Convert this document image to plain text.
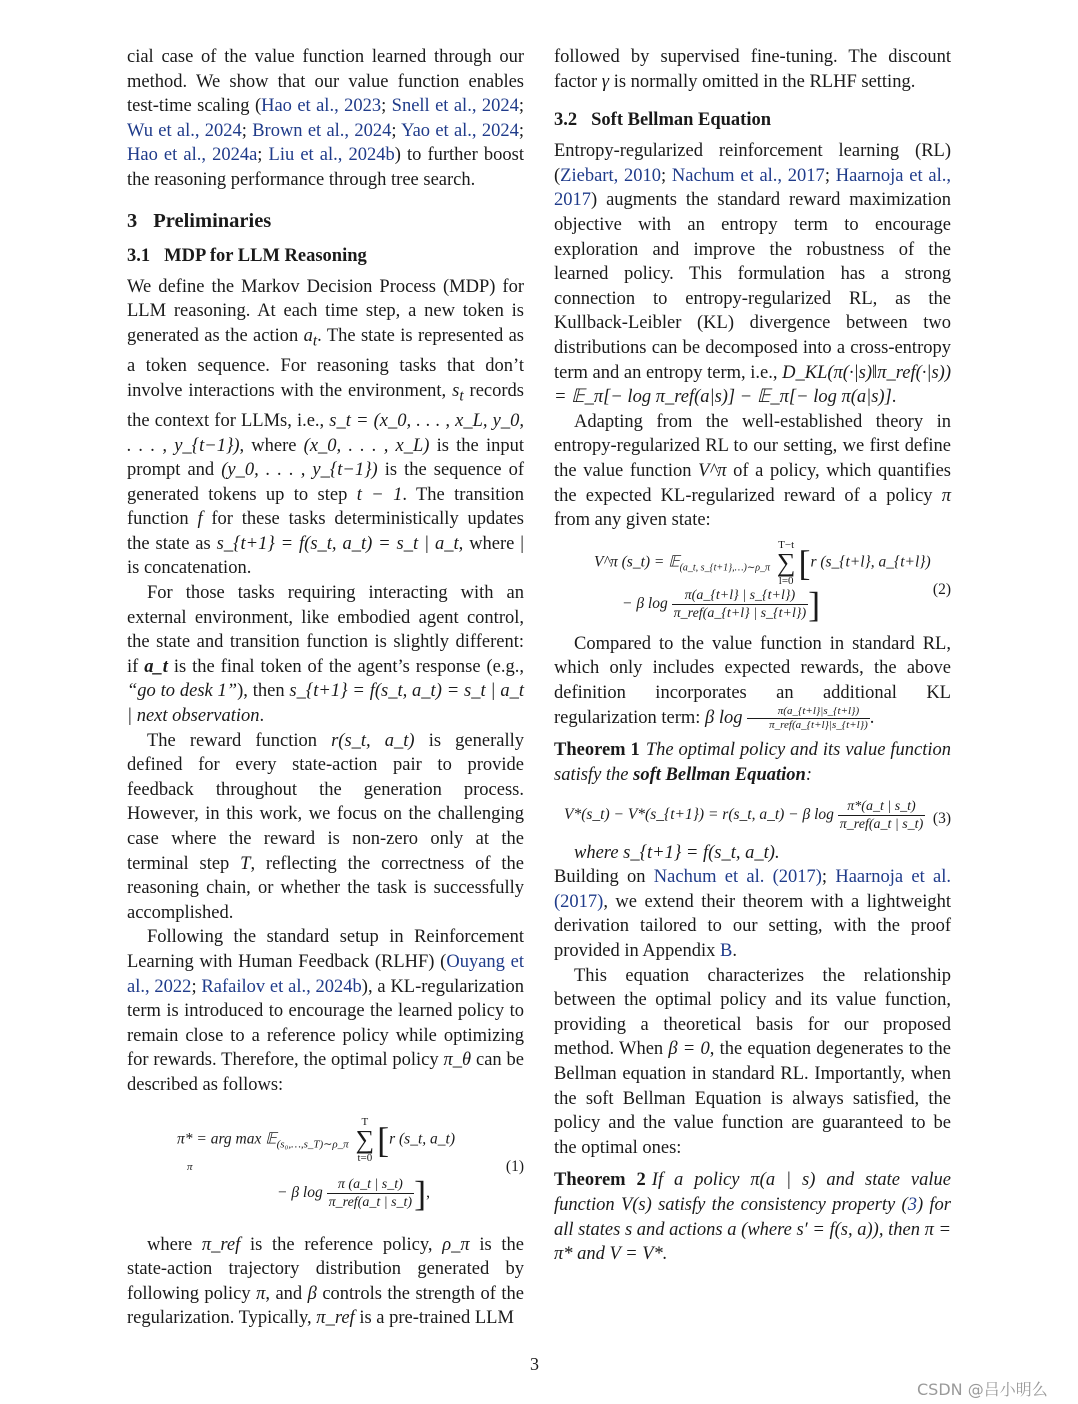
cial case of the value function learned through our method. We show that our value function enables test-time scaling (Hao et al., 2023; Snell et al., 2024; Wu et al., 2024; Brown et al., 2024; Yao et al., 2024; Hao et al., 2024a; Liu et al., 2024b) to further boost the reasoning performance through tree search.

3 Preliminaries
3.1 MDP for LLM Reasoning

We define the Markov Decision Process (MDP) for LLM reasoning. At each time step, a new token is generated as the action $a_t$. The state is represented as a token sequence. For reasoning tasks that don’t involve interactions with the environment, $s_t$ records the context for LLMs, i.e., s_t = (x_0, . . . , x_L, y_0, . . . , y_{t−1}), where (x_0, . . . , x_L) is the input prompt and (y_0, . . . , y_{t−1}) is the sequence of generated tokens up to step t − 1. The transition function f for these tasks deterministically updates the state as s_{t+1} = f(s_t, a_t) = s_t | a_t, where | is concatenation.

For those tasks requiring interacting with an external environment, like embodied agent control, the state and transition function is slightly different: if a_t is the final token of the agent’s response (e.g., “go to desk 1”), then s_{t+1} = f(s_t, a_t) = s_t | a_t | next observation.

The reward function r(s_t, a_t) is generally defined for every state-action pair to provide feedback throughout the generation process. However, in this work, we focus on the challenging case where the reward is non-zero only at the terminal step T, reflecting the correctness of the reasoning chain, or whether the task is successfully accomplished.

Following the standard setup in Reinforcement Learning with Human Feedback (RLHF) (Ouyang et al., 2022; Rafailov et al., 2024b), a KL-regularization term is introduced to encourage the learned policy to remain close to a reference policy while optimizing for rewards. Therefore, the optimal policy π_θ can be described as follows:

π* = arg max 𝔼$_{(s_0,\dots,s\_T)\sim\rho\_\pi}$ T
∑
t=0 [r (s_t, a_t)
π
− β $\log \frac{\pi (a\_t | s\_t)}{\text{π\_ref(a\_t | s\_t)}}$ ],
(1)

where π_ref is the reference policy, ρ_π is the state-action trajectory distribution generated by following policy π, and β controls the strength of the regularization. Typically, π_ref is a pre-trained LLM

followed by supervised fine-tuning. The discount factor γ is normally omitted in the RLHF setting.

3.2 Soft Bellman Equation

Entropy-regularized reinforcement learning (RL) (Ziebart, 2010; Nachum et al., 2017; Haarnoja et al., 2017) augments the standard reward maximization objective with an entropy term to encourage exploration and improve the robustness of the learned policy. This formulation has a strong connection to entropy-regularized RL, as the Kullback-Leibler (KL) divergence between two distributions can be decomposed into a cross-entropy term and an entropy term, i.e., D_KL(π(·|s)‖π_ref(·|s)) = 𝔼_π[− log π_ref(a|s)] − 𝔼_π[− log π(a|s)].

Adapting from the well-established theory in entropy-regularized RL to our setting, we first define the value function V^π of a policy, which quantifies the expected KL-regularized reward of a policy π from any given state:

V^π (s_t) = 𝔼$_{(a\_t, s\_\{t+1\},\dots)\sim\rho\_\pi}$ T−t
∑
l=0 [r (s_{t+l}, a_{t+l})
− β $\log \frac{\pi(a\_\{t+l\} | s\_\{t+l\})}{\text{π\_ref(a\_\{t+l\} | s\_\{t+l\})}}$ ]	(2)

Compared to the value function in standard RL, which only includes expected rewards, the above definition incorporates an additional KL regularization term: β $\log \frac{\pi(a\_\{t+l\}|s\_\{t+l\})}{\text{π\_ref(a\_\{t+l\}|s\_\{t+l\})}}$ .

Theorem 1 The optimal policy and its value function satisfy the soft Bellman Equation:

V*(s_t) − V*(s_{t+1}) = r(s_t, a_t) − β $\log \frac{\pi*(a\_t | s\_t)}{\text{π\_ref(a\_t | s\_t)}} (3)$

where s_{t+1} = f(s_t, a_t).

Building on Nachum et al. (2017); Haarnoja et al. (2017), we extend their theorem with a lightweight derivation tailored to our setting, with the proof provided in Appendix B.

This equation characterizes the relationship between the optimal policy and its value function, providing a theoretical basis for our proposed method. When β = 0, the equation degenerates to the Bellman equation in standard RL. Importantly, when the soft Bellman Equation is always satisfied, the policy and the value function are guaranteed to be the optimal ones:

Theorem 2 If a policy π(a | s) and state value function V(s) satisfy the consistency property (3) for all states s and actions a (where s′ = f(s, a)), then π = π* and V = V*.

3
CSDN @吕小明么
